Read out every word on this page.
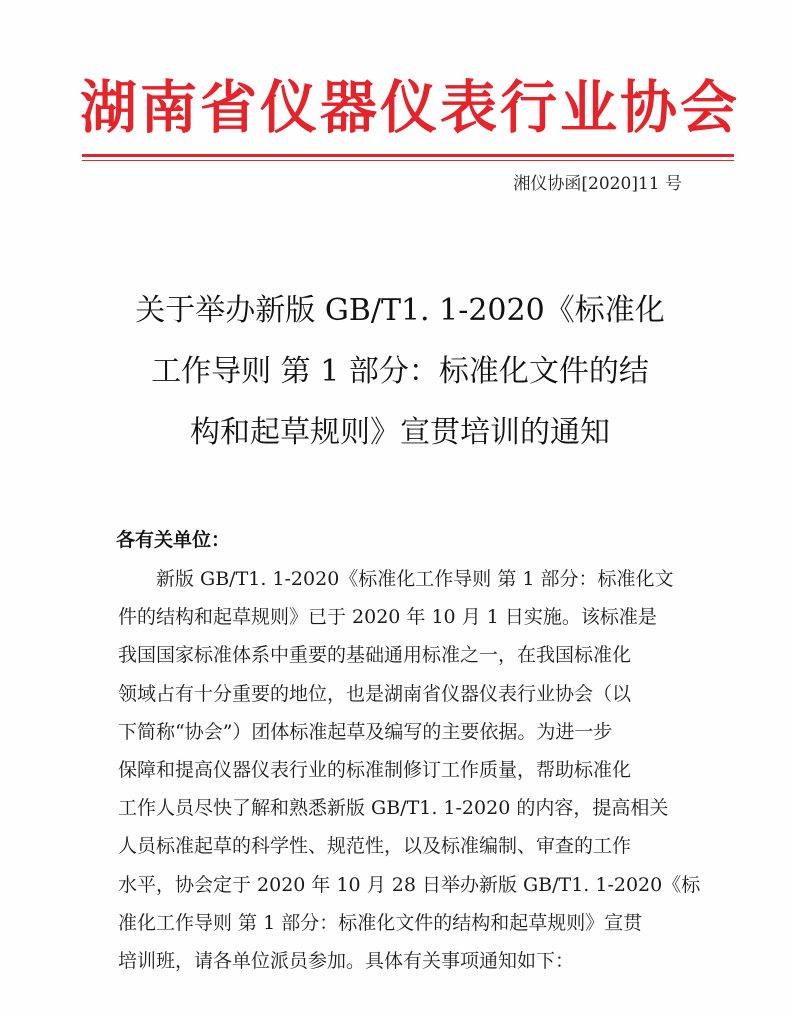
湖南省仪器仪表行业协会
湘仪协函[2020]11 号
关于举办新版 GB/T1. 1-2020《标准化
工作导则 第 1 部分：标准化文件的结
构和起草规则》宣贯培训的通知
各有关单位：
新版 GB/T1. 1-2020《标准化工作导则 第 1 部分：标准化文
件的结构和起草规则》已于 2020 年 10 月 1 日实施。该标准是
我国国家标准体系中重要的基础通用标准之一，在我国标准化
领域占有十分重要的地位，也是湖南省仪器仪表行业协会（以
下简称“协会”）团体标准起草及编写的主要依据。为进一步
保障和提高仪器仪表行业的标准制修订工作质量，帮助标准化
工作人员尽快了解和熟悉新版 GB/T1. 1-2020 的内容，提高相关
人员标准起草的科学性、规范性，以及标准编制、审查的工作
水平，协会定于 2020 年 10 月 28 日举办新版 GB/T1. 1-2020《标
准化工作导则 第 1 部分：标准化文件的结构和起草规则》宣贯
培训班，请各单位派员参加。具体有关事项通知如下：
